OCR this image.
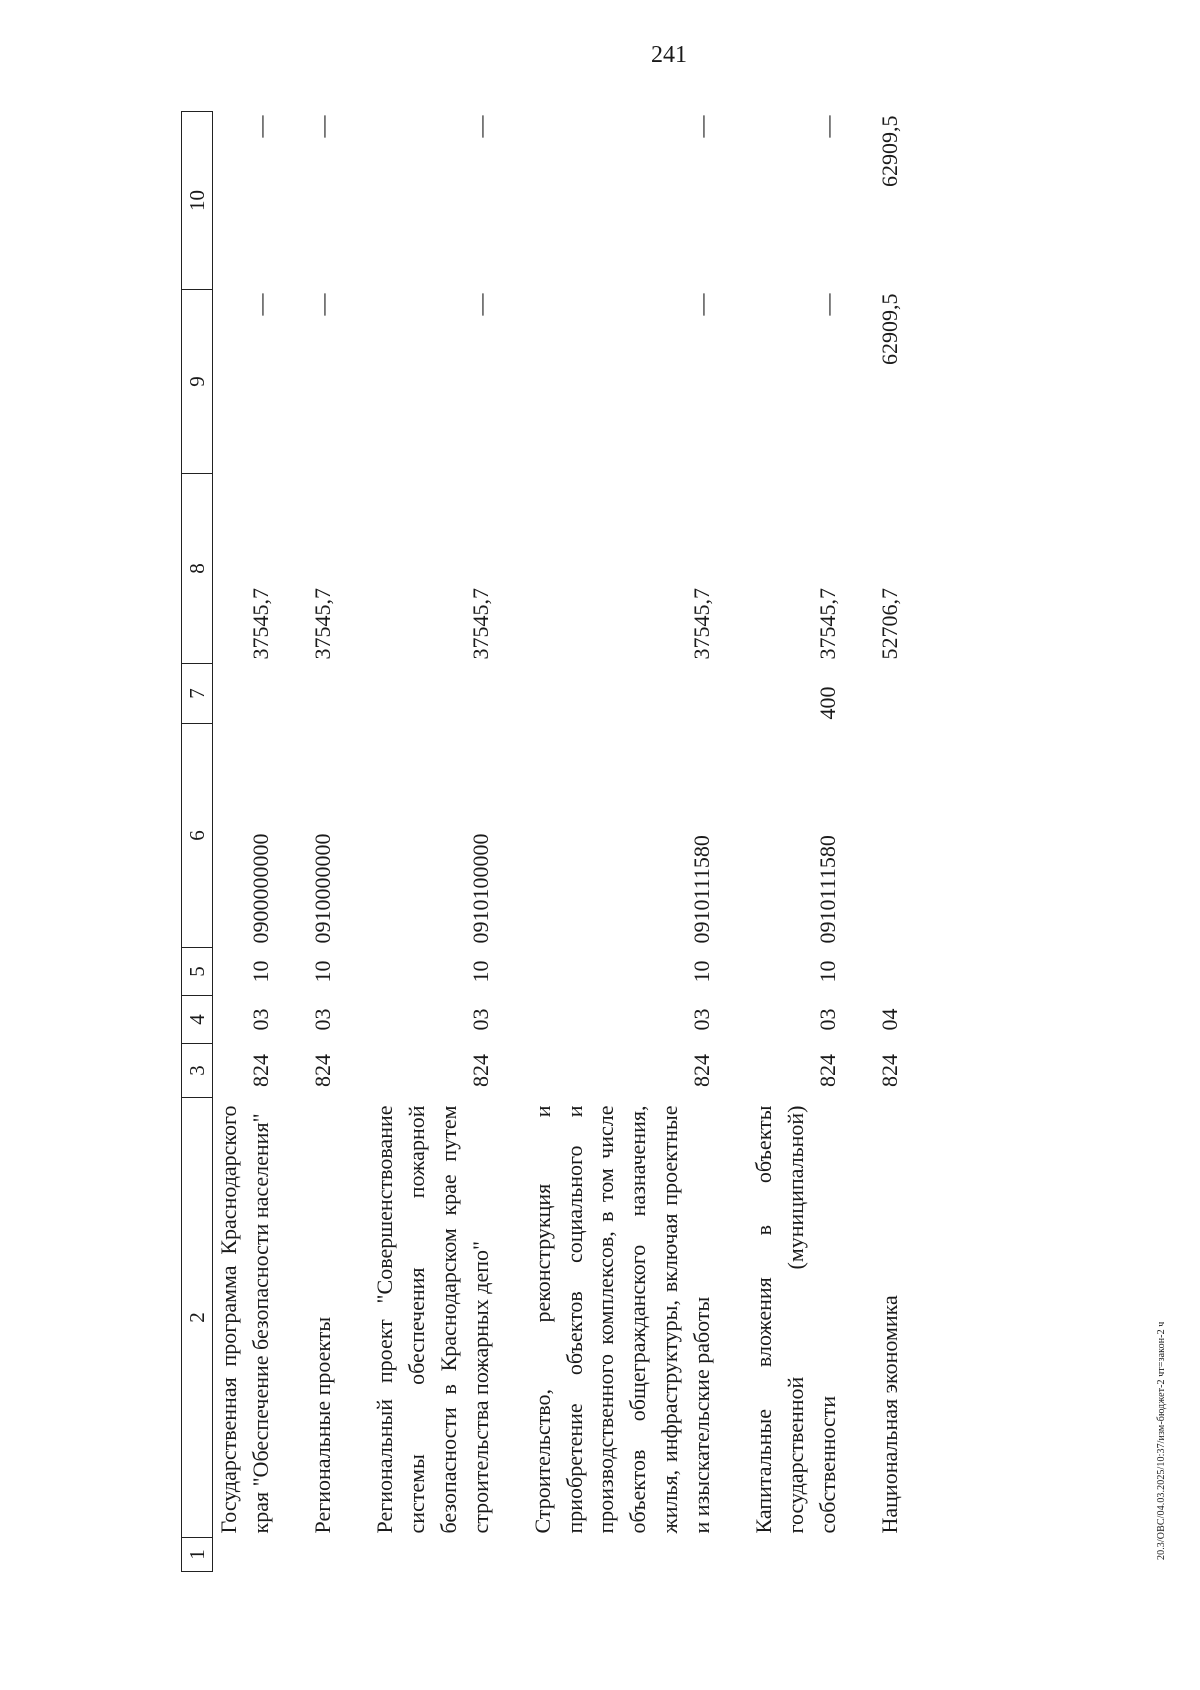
241
20.3/OBC/04.03.2025/10:37/изм-бюджет-2 чт=закон-2 ч
1	2	3	4	5	6	7	8	9	10
	Государственная программа Краснодарского края "Обеспечение безопасности населения"	824	03	10	0900000000		37545,7	—	—
	Региональные проекты	824	03	10	0910000000		37545,7	—	—
	Региональный проект "Совершенствование системы обеспечения пожарной безопасности в Краснодарском крае путем строительства пожарных депо"	824	03	10	0910100000		37545,7	—	—
	Строительство, реконструкция и приобретение объектов социального и производственного комплексов, в том числе объектов общегражданского назначения, жилья, инфраструктуры, включая проектные и изыскательские работы	824	03	10	0910111580		37545,7	—	—
	Капитальные вложения в объекты государственной (муниципальной) собственности	824	03	10	0910111580	400	37545,7	—	—
	Национальная экономика	824	04				52706,7	62909,5	62909,5
